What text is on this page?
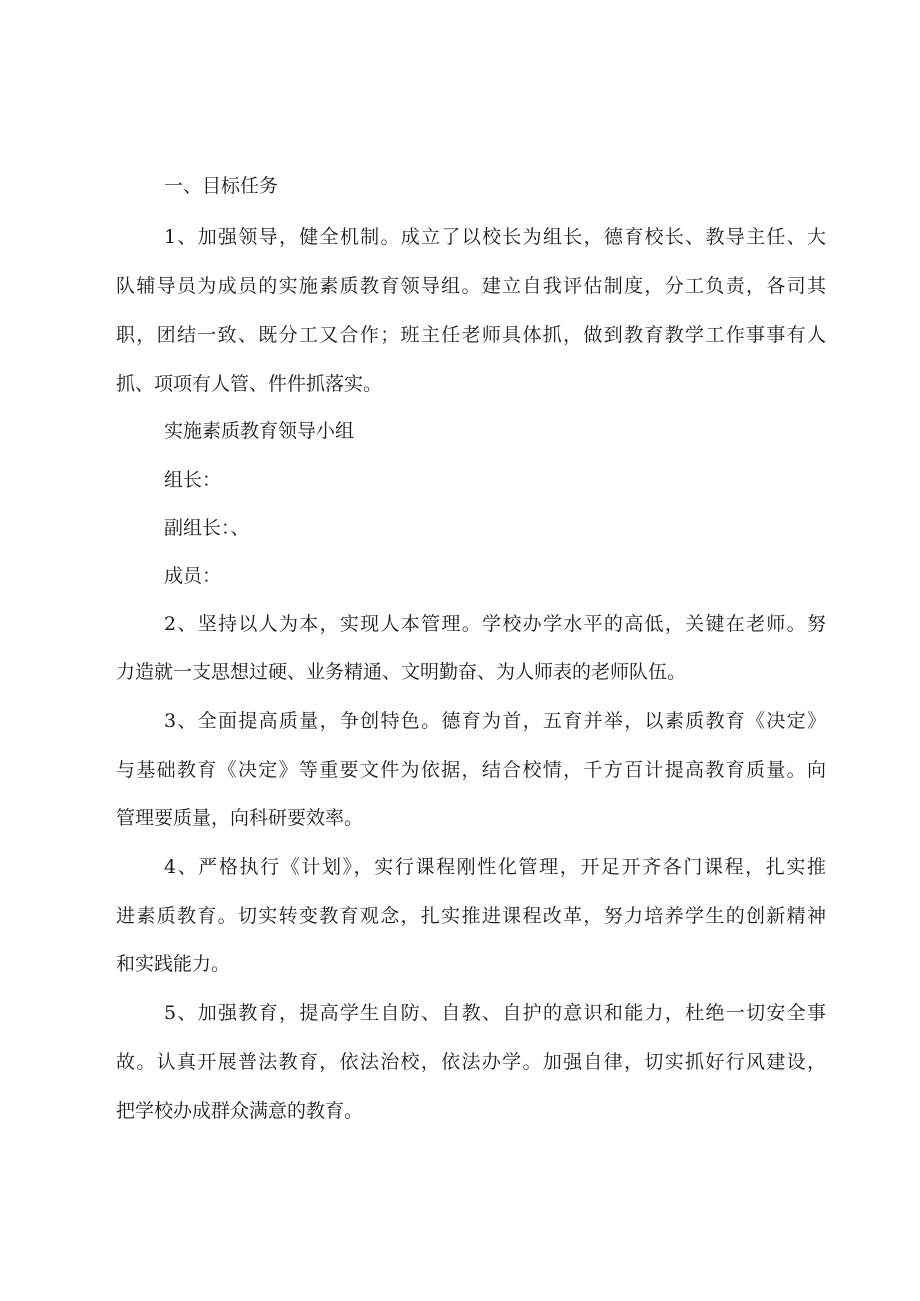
一、目标任务
1、加强领导，健全机制。成立了以校长为组长，德育校长、教导主任、大
队辅导员为成员的实施素质教育领导组。建立自我评估制度，分工负责，各司其
职，团结一致、既分工又合作；班主任老师具体抓，做到教育教学工作事事有人
抓、项项有人管、件件抓落实。
实施素质教育领导小组
组长：
副组长：、
成员：
2、坚持以人为本，实现人本管理。学校办学水平的高低，关键在老师。努
力造就一支思想过硬、业务精通、文明勤奋、为人师表的老师队伍。
3、全面提高质量，争创特色。德育为首，五育并举，以素质教育《决定》
与基础教育《决定》等重要文件为依据，结合校情，千方百计提高教育质量。向
管理要质量，向科研要效率。
4、严格执行《计划》，实行课程刚性化管理，开足开齐各门课程，扎实推
进素质教育。切实转变教育观念，扎实推进课程改革，努力培养学生的创新精神
和实践能力。
5、加强教育，提高学生自防、自教、自护的意识和能力，杜绝一切安全事
故。认真开展普法教育，依法治校，依法办学。加强自律，切实抓好行风建设，
把学校办成群众满意的教育。
